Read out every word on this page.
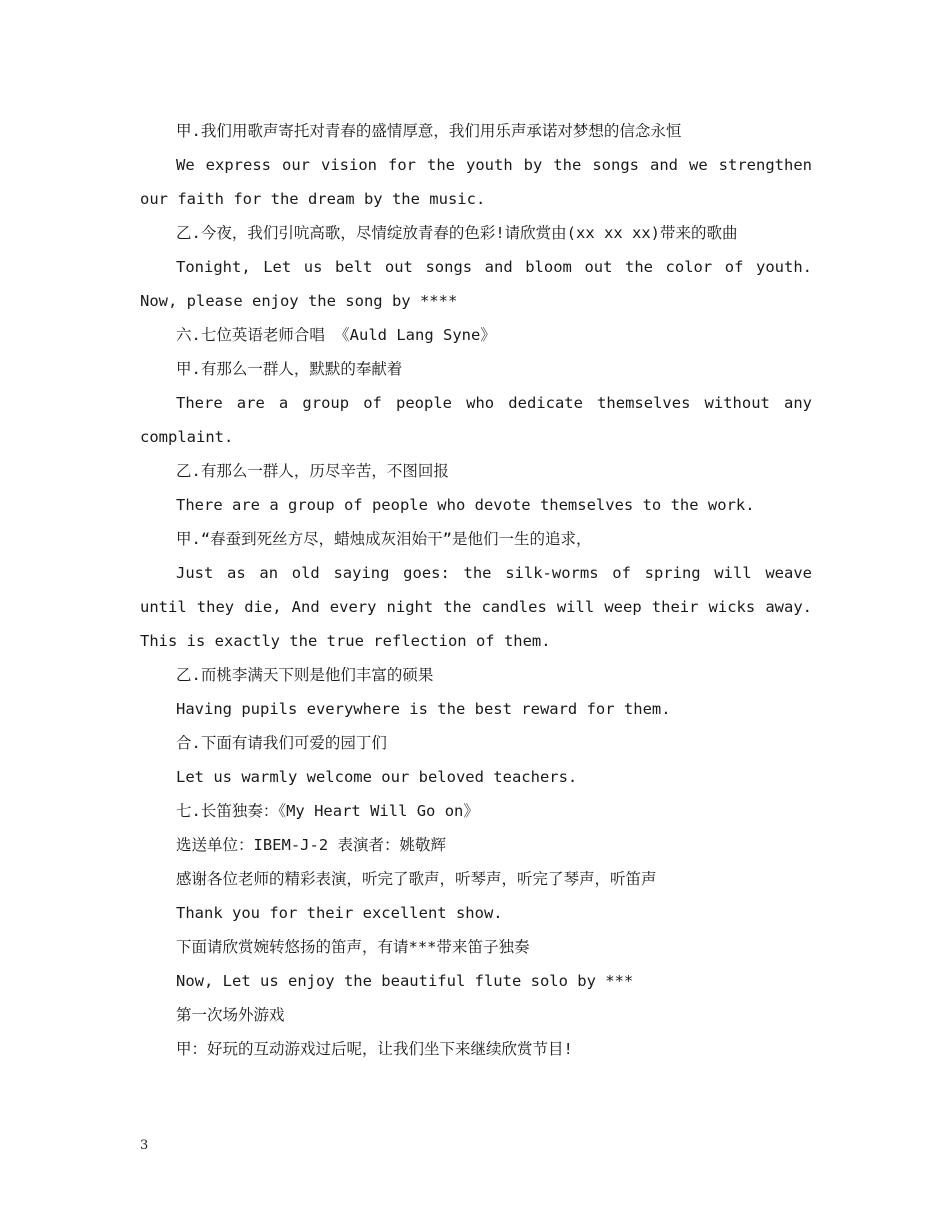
甲.我们用歌声寄托对青春的盛情厚意，我们用乐声承诺对梦想的信念永恒

We express our vision for the youth by the songs and we strengthen our faith for the dream by the music.

乙.今夜，我们引吭高歌，尽情绽放青春的色彩!请欣赏由(xx xx xx)带来的歌曲

Tonight, Let us belt out songs and bloom out the color of youth. Now, please enjoy the song by ****

六.七位英语老师合唱 《Auld Lang Syne》

甲.有那么一群人，默默的奉献着

There are a group of people who dedicate themselves without any complaint.

乙.有那么一群人，历尽辛苦，不图回报

There are a group of people who devote themselves to the work.

甲.“春蚕到死丝方尽，蜡烛成灰泪始干”是他们一生的追求，

Just as an old saying goes: the silk-worms of spring will weave until they die, And every night the candles will weep their wicks away. This is exactly the true reflection of them.

乙.而桃李满天下则是他们丰富的硕果

Having pupils everywhere is the best reward for them.

合.下面有请我们可爱的园丁们

Let us warmly welcome our beloved teachers.

七.长笛独奏：《My Heart Will Go on》

选送单位：IBEM-J-2 表演者：姚敬辉

感谢各位老师的精彩表演，听完了歌声，听琴声，听完了琴声，听笛声

Thank you for their excellent show.

下面请欣赏婉转悠扬的笛声，有请***带来笛子独奏

Now, Let us enjoy the beautiful flute solo by ***

第一次场外游戏

甲：好玩的互动游戏过后呢，让我们坐下来继续欣赏节目!

3
